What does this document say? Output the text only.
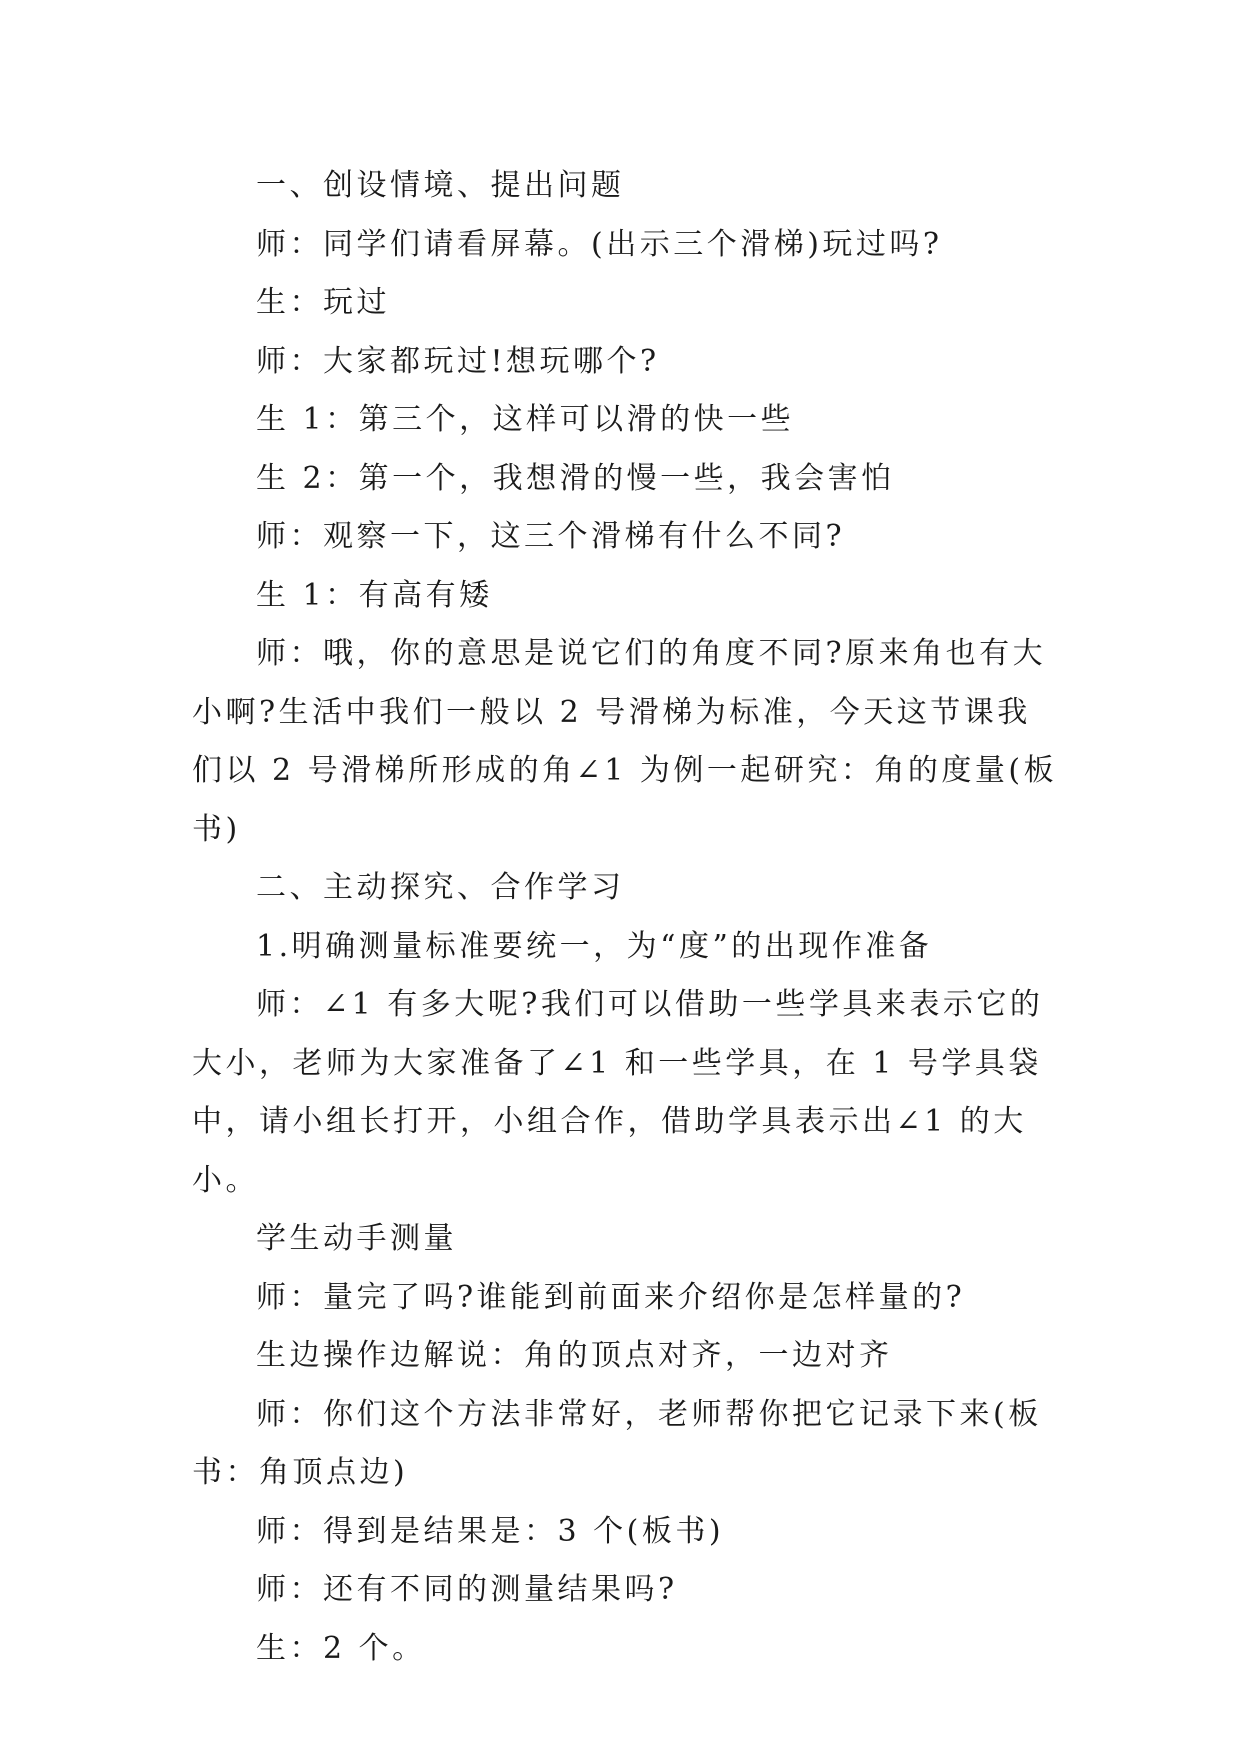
一、创设情境、提出问题

师：同学们请看屏幕。(出示三个滑梯)玩过吗?

生：玩过

师：大家都玩过!想玩哪个?

生 1：第三个，这样可以滑的快一些

生 2：第一个，我想滑的慢一些，我会害怕

师：观察一下，这三个滑梯有什么不同?

生 1：有高有矮

师：哦，你的意思是说它们的角度不同?原来角也有大小啊?生活中我们一般以 2 号滑梯为标准，今天这节课我们以 2 号滑梯所形成的角∠1 为例一起研究：角的度量(板书)

二、主动探究、合作学习

1.明确测量标准要统一，为“度”的出现作准备

师：∠1 有多大呢?我们可以借助一些学具来表示它的大小，老师为大家准备了∠1 和一些学具，在 1 号学具袋中，请小组长打开，小组合作，借助学具表示出∠1 的大小。

学生动手测量

师：量完了吗?谁能到前面来介绍你是怎样量的?

生边操作边解说：角的顶点对齐，一边对齐

师：你们这个方法非常好，老师帮你把它记录下来(板书：角顶点边)

师：得到是结果是：3 个(板书)

师：还有不同的测量结果吗?

生：2 个。
